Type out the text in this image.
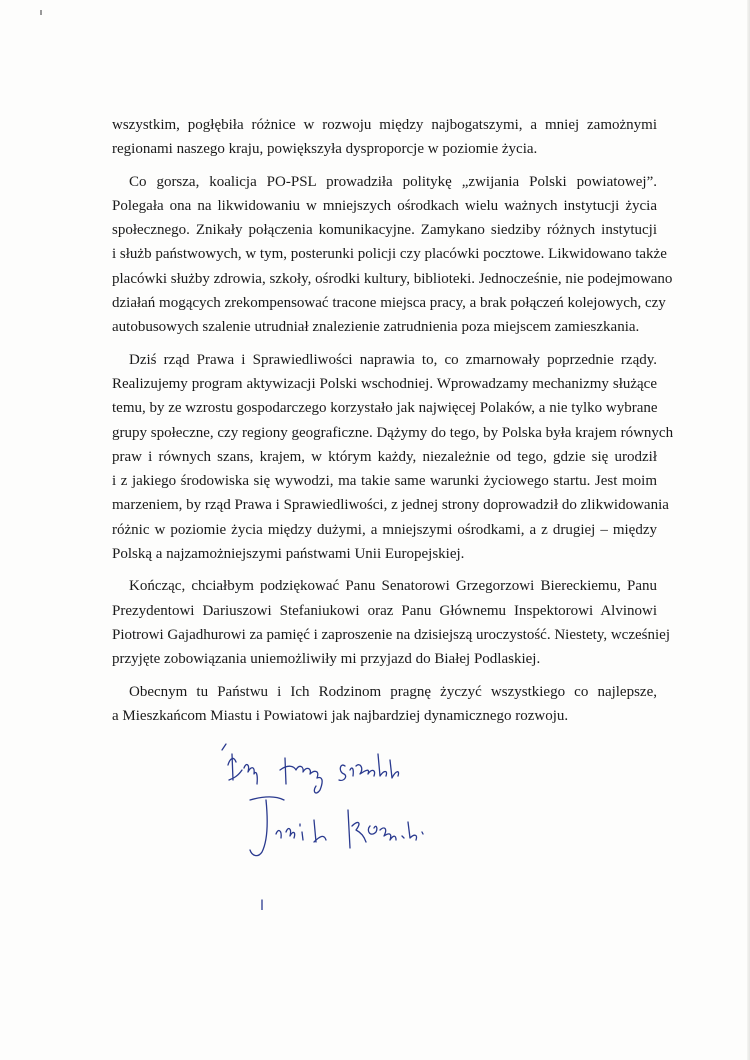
wszystkim, pogłębiła różnice w rozwoju między najbogatszymi, a mniej zamożnymi
regionami naszego kraju, powiększyła dysproporcje w poziomie życia.
Co gorsza, koalicja PO-PSL prowadziła politykę „zwijania Polski powiatowej”.
Polegała ona na likwidowaniu w mniejszych ośrodkach wielu ważnych instytucji życia
społecznego. Znikały połączenia komunikacyjne. Zamykano siedziby różnych instytucji
i służb państwowych, w tym, posterunki policji czy placówki pocztowe. Likwidowano także
placówki służby zdrowia, szkoły, ośrodki kultury, biblioteki. Jednocześnie, nie podejmowano
działań mogących zrekompensować tracone miejsca pracy, a brak połączeń kolejowych, czy
autobusowych szalenie utrudniał znalezienie zatrudnienia poza miejscem zamieszkania.
Dziś rząd Prawa i Sprawiedliwości naprawia to, co zmarnowały poprzednie rządy.
Realizujemy program aktywizacji Polski wschodniej. Wprowadzamy mechanizmy służące
temu, by ze wzrostu gospodarczego korzystało jak najwięcej Polaków, a nie tylko wybrane
grupy społeczne, czy regiony geograficzne. Dążymy do tego, by Polska była krajem równych
praw i równych szans, krajem, w którym każdy, niezależnie od tego, gdzie się urodził
i z jakiego środowiska się wywodzi, ma takie same warunki życiowego startu. Jest moim
marzeniem, by rząd Prawa i Sprawiedliwości, z jednej strony doprowadził do zlikwidowania
różnic w poziomie życia między dużymi, a mniejszymi ośrodkami, a z drugiej – między
Polską a najzamożniejszymi państwami Unii Europejskiej.
Kończąc, chciałbym podziękować Panu Senatorowi Grzegorzowi Biereckiemu, Panu
Prezydentowi Dariuszowi Stefaniukowi oraz Panu Głównemu Inspektorowi Alvinowi
Piotrowi Gajadhurowi za pamięć i zaproszenie na dzisiejszą uroczystość. Niestety, wcześniej
przyjęte zobowiązania uniemożliwiły mi przyjazd do Białej Podlaskiej.
Obecnym tu Państwu i Ich Rodzinom pragnę życzyć wszystkiego co najlepsze,
a Mieszkańcom Miastu i Powiatowi jak najbardziej dynamicznego rozwoju.
